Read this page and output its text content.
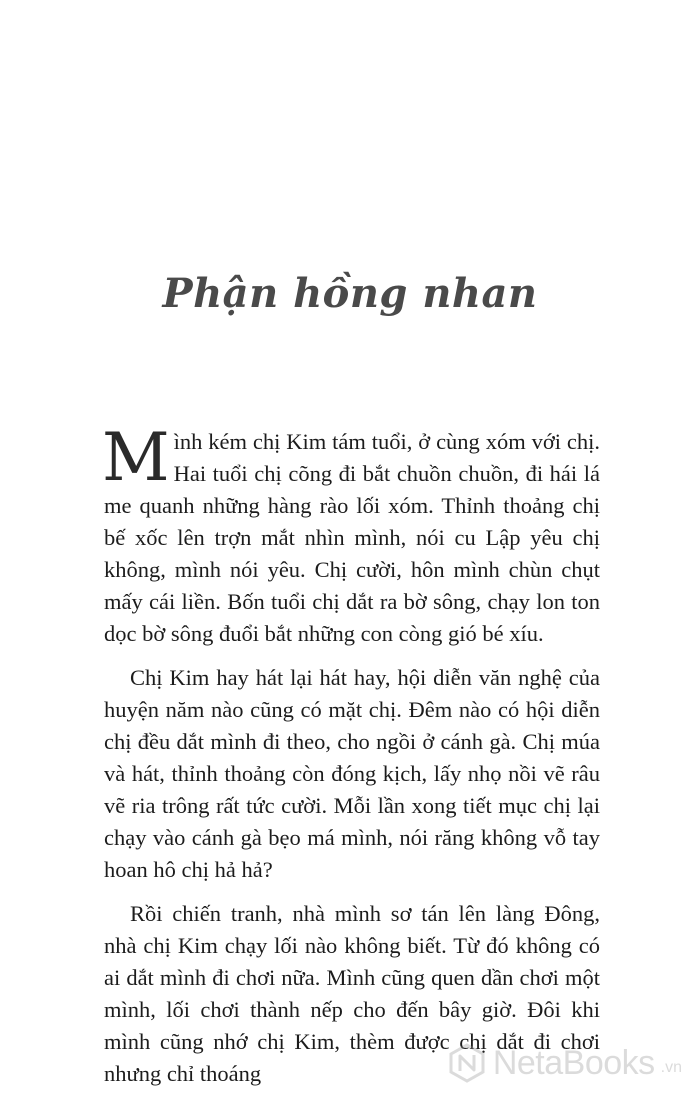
Phận hồng nhan

Mình kém chị Kim tám tuổi, ở cùng xóm với chị. Hai tuổi chị cõng đi bắt chuồn chuồn, đi hái lá me quanh những hàng rào lối xóm. Thỉnh thoảng chị bế xốc lên trợn mắt nhìn mình, nói cu Lập yêu chị không, mình nói yêu. Chị cười, hôn mình chùn chụt mấy cái liền. Bốn tuổi chị dắt ra bờ sông, chạy lon ton dọc bờ sông đuổi bắt những con còng gió bé xíu.

Chị Kim hay hát lại hát hay, hội diễn văn nghệ của huyện năm nào cũng có mặt chị. Đêm nào có hội diễn chị đều dắt mình đi theo, cho ngồi ở cánh gà. Chị múa và hát, thỉnh thoảng còn đóng kịch, lấy nhọ nồi vẽ râu vẽ ria trông rất tức cười. Mỗi lần xong tiết mục chị lại chạy vào cánh gà bẹo má mình, nói răng không vỗ tay hoan hô chị hả hả?

Rồi chiến tranh, nhà mình sơ tán lên làng Đông, nhà chị Kim chạy lối nào không biết. Từ đó không có ai dắt mình đi chơi nữa. Mình cũng quen dần chơi một mình, lối chơi thành nếp cho đến bây giờ. Đôi khi mình cũng nhớ chị Kim, thèm được chị dắt đi chơi nhưng chỉ thoáng	NetaBooks .vn
